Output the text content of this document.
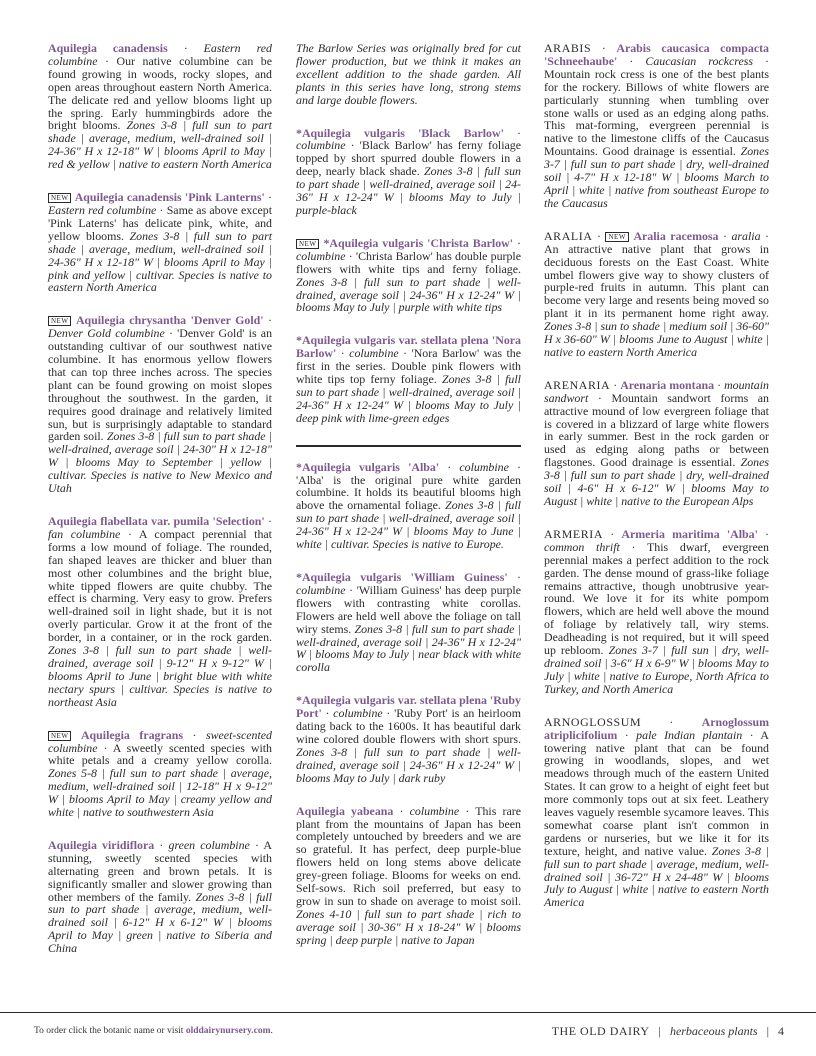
Aquilegia canadensis · Eastern red columbine · Our native columbine can be found growing in woods, rocky slopes, and open areas throughout eastern North America. The delicate red and yellow blooms light up the spring. Early hummingbirds adore the bright blooms. Zones 3-8 | full sun to part shade | average, medium, well-drained soil | 24-36" H x 12-18" W | blooms April to May | red & yellow | native to eastern North America
NEW Aquilegia canadensis 'Pink Lanterns' · Eastern red columbine · Same as above except 'Pink Laterns' has delicate pink, white, and yellow blooms. Zones 3-8 | full sun to part shade | average, medium, well-drained soil | 24-36" H x 12-18" W | blooms April to May | pink and yellow | cultivar. Species is native to eastern North America
NEW Aquilegia chrysantha 'Denver Gold' · Denver Gold columbine · 'Denver Gold' is an outstanding cultivar of our southwest native columbine. It has enormous yellow flowers that can top three inches across. The species plant can be found growing on moist slopes throughout the southwest. In the garden, it requires good drainage and relatively limited sun, but is surprisingly adaptable to standard garden soil. Zones 3-8 | full sun to part shade | well-drained, average soil | 24-30" H x 12-18" W | blooms May to September | yellow | cultivar. Species is native to New Mexico and Utah
Aquilegia flabellata var. pumila 'Selection' · fan columbine · A compact perennial that forms a low mound of foliage. The rounded, fan shaped leaves are thicker and bluer than most other columbines and the bright blue, white tipped flowers are quite chubby. The effect is charming. Very easy to grow. Prefers well-drained soil in light shade, but it is not overly particular. Grow it at the front of the border, in a container, or in the rock garden. Zones 3-8 | full sun to part shade | well-drained, average soil | 9-12" H x 9-12" W | blooms April to June | bright blue with white nectary spurs | cultivar. Species is native to northeast Asia
NEW Aquilegia fragrans · sweet-scented columbine · A sweetly scented species with white petals and a creamy yellow corolla. Zones 5-8 | full sun to part shade | average, medium, well-drained soil | 12-18" H x 9-12" W | blooms April to May | creamy yellow and white | native to southwestern Asia
Aquilegia viridiflora · green columbine · A stunning, sweetly scented species with alternating green and brown petals. It is significantly smaller and slower growing than other members of the family. Zones 3-8 | full sun to part shade | average, medium, well-drained soil | 6-12" H x 6-12" W | blooms April to May | green | native to Siberia and China
The Barlow Series was originally bred for cut flower production, but we think it makes an excellent addition to the shade garden. All plants in this series have long, strong stems and large double flowers.
*Aquilegia vulgaris 'Black Barlow' · columbine · 'Black Barlow' has ferny foliage topped by short spurred double flowers in a deep, nearly black shade. Zones 3-8 | full sun to part shade | well-drained, average soil | 24-36" H x 12-24" W | blooms May to July | purple-black
NEW *Aquilegia vulgaris 'Christa Barlow' · columbine · 'Christa Barlow' has double purple flowers with white tips and ferny foliage. Zones 3-8 | full sun to part shade | well-drained, average soil | 24-36" H x 12-24" W | blooms May to July | purple with white tips
*Aquilegia vulgaris var. stellata plena 'Nora Barlow' · columbine · 'Nora Barlow' was the first in the series. Double pink flowers with white tips top ferny foliage. Zones 3-8 | full sun to part shade | well-drained, average soil | 24-36" H x 12-24" W | blooms May to July | deep pink with lime-green edges
*Aquilegia vulgaris 'Alba' · columbine · 'Alba' is the original pure white garden columbine. It holds its beautiful blooms high above the ornamental foliage. Zones 3-8 | full sun to part shade | well-drained, average soil | 24-36" H x 12-24" W | blooms May to June | white | cultivar. Species is native to Europe.
*Aquilegia vulgaris 'William Guiness' · columbine · 'William Guiness' has deep purple flowers with contrasting white corollas. Flowers are held well above the foliage on tall wiry stems. Zones 3-8 | full sun to part shade | well-drained, average soil | 24-36" H x 12-24" W | blooms May to July | near black with white corolla
*Aquilegia vulgaris var. stellata plena 'Ruby Port' · columbine · 'Ruby Port' is an heirloom dating back to the 1600s. It has beautiful dark wine colored double flowers with short spurs. Zones 3-8 | full sun to part shade | well-drained, average soil | 24-36" H x 12-24" W | blooms May to July | dark ruby
Aquilegia yabeana · columbine · This rare plant from the mountains of Japan has been completely untouched by breeders and we are so grateful. It has perfect, deep purple-blue flowers held on long stems above delicate grey-green foliage. Blooms for weeks on end. Self-sows. Rich soil preferred, but easy to grow in sun to shade on average to moist soil. Zones 4-10 | full sun to part shade | rich to average soil | 30-36" H x 18-24" W | blooms spring | deep purple | native to Japan
ARABIS · Arabis caucasica compacta 'Schneehaube' · Caucasian rockcress · Mountain rock cress is one of the best plants for the rockery. Billows of white flowers are particularly stunning when tumbling over stone walls or used as an edging along paths. This mat-forming, evergreen perennial is native to the limestone cliffs of the Caucasus Mountains. Good drainage is essential. Zones 3-7 | full sun to part shade | dry, well-drained soil | 4-7" H x 12-18" W | blooms March to April | white | native from southeast Europe to the Caucasus
ARALIA · NEW Aralia racemosa · aralia · An attractive native plant that grows in deciduous forests on the East Coast. White umbel flowers give way to showy clusters of purple-red fruits in autumn. This plant can become very large and resents being moved so plant it in its permanent home right away. Zones 3-8 | sun to shade | medium soil | 36-60" H x 36-60" W | blooms June to August | white | native to eastern North America
ARENARIA · Arenaria montana · mountain sandwort · Mountain sandwort forms an attractive mound of low evergreen foliage that is covered in a blizzard of large white flowers in early summer. Best in the rock garden or used as edging along paths or between flagstones. Good drainage is essential. Zones 3-8 | full sun to part shade | dry, well-drained soil | 4-6" H x 6-12" W | blooms May to August | white | native to the European Alps
ARMERIA · Armeria maritima 'Alba' · common thrift · This dwarf, evergreen perennial makes a perfect addition to the rock garden. The dense mound of grass-like foliage remains attractive, though unobtrusive year-round. We love it for its white pompom flowers, which are held well above the mound of foliage by relatively tall, wiry stems. Deadheading is not required, but it will speed up rebloom. Zones 3-7 | full sun | dry, well-drained soil | 3-6" H x 6-9" W | blooms May to July | white | native to Europe, North Africa to Turkey, and North America
ARNOGLOSSUM · Arnoglossum atriplicifolium · pale Indian plantain · A towering native plant that can be found growing in woodlands, slopes, and wet meadows through much of the eastern United States. It can grow to a height of eight feet but more commonly tops out at six feet. Leathery leaves vaguely resemble sycamore leaves. This somewhat coarse plant isn't common in gardens or nurseries, but we like it for its texture, height, and native value. Zones 3-8 | full sun to part shade | average, medium, well-drained soil | 36-72" H x 24-48" W | blooms July to August | white | native to eastern North America
To order click the botanic name or visit olddairynursery.com.	THE OLD DAIRY | herbaceous plants | 4
